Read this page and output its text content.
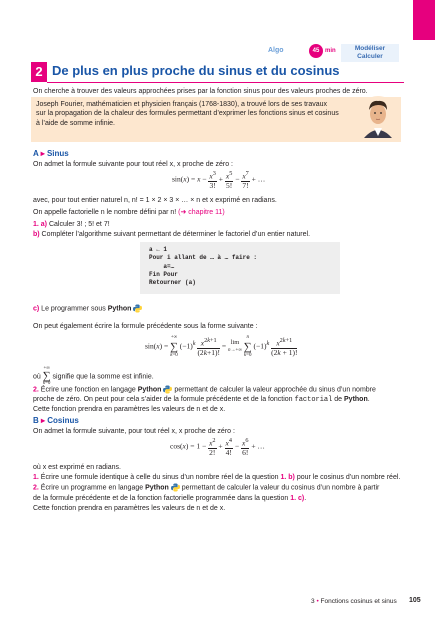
Algo	45 min	Modéliser
Calculer
2 De plus en plus proche du sinus et du cosinus
On cherche à trouver des valeurs approchées prises par la fonction sinus pour des valeurs proches de zéro.
Joseph Fourier, mathématicien et physicien français (1768-1830), a trouvé lors de ses travaux
sur la propagation de la chaleur des formules permettant d’exprimer les fonctions sinus et cosinus
à l’aide de somme infinie.
A ▸ Sinus
On admet la formule suivante pour tout réel x, x proche de zéro :
$\sin(x) = x - \frac{x^3}{3!} + \frac{x^5}{5!} - \frac{x^7}{7!}$ + …
avec, pour tout entier naturel n, n! = 1 × 2 × 3 × … × n et x exprimé en radians.
On appelle factorielle n le nombre défini par n! (➜ chapitre 11)
1. a) Calculer 3! ; 5! et 7!
b) Compléter l’algorithme suivant permettant de déterminer le factoriel d’un entier naturel.
a ← 1
Pour i allant de … à … faire :
a=…
Fin Pour
Retourner (a)
c) Le programmer sous Python
On peut également écrire la formule précédente sous la forme suivante :
sin(x) =
+∞
∑
k=0
$(-1)^k \frac{x^{2k+1}}{(2k+1)!} = \lim$
n→+∞

n
∑
k=0
$(-1)^k \frac{x^{2k+1}}{(2k + 1)!}$
où
+∞
∑
k=0
signifie que la somme est infinie.
2. Écrire une fonction en langage Python  permettant de calculer la valeur approchée du sinus d’un nombre
proche de zéro. On peut pour cela s’aider de la formule précédente et de la fonction factorial de Python.
Cette fonction prendra en paramètres les valeurs de n et de x.
B ▸ Cosinus
On admet la formule suivante, pour tout réel x, x proche de zéro :
$\cos(x) = 1 - \frac{x^2}{2!} + \frac{x^4}{4!} - \frac{x^6}{6!}$ + …
où x est exprimé en radians.
1. Écrire une formule identique à celle du sinus d’un nombre réel de la question 1. b) pour le cosinus d’un nombre réel.
2. Écrire un programme en langage Python  permettant de calculer la valeur du cosinus d’un nombre à partir
de la formule précédente et de la fonction factorielle programmée dans la question 1. c).
Cette fonction prendra en paramètres les valeurs de n et de x.
3 • Fonctions cosinus et sinus 105
